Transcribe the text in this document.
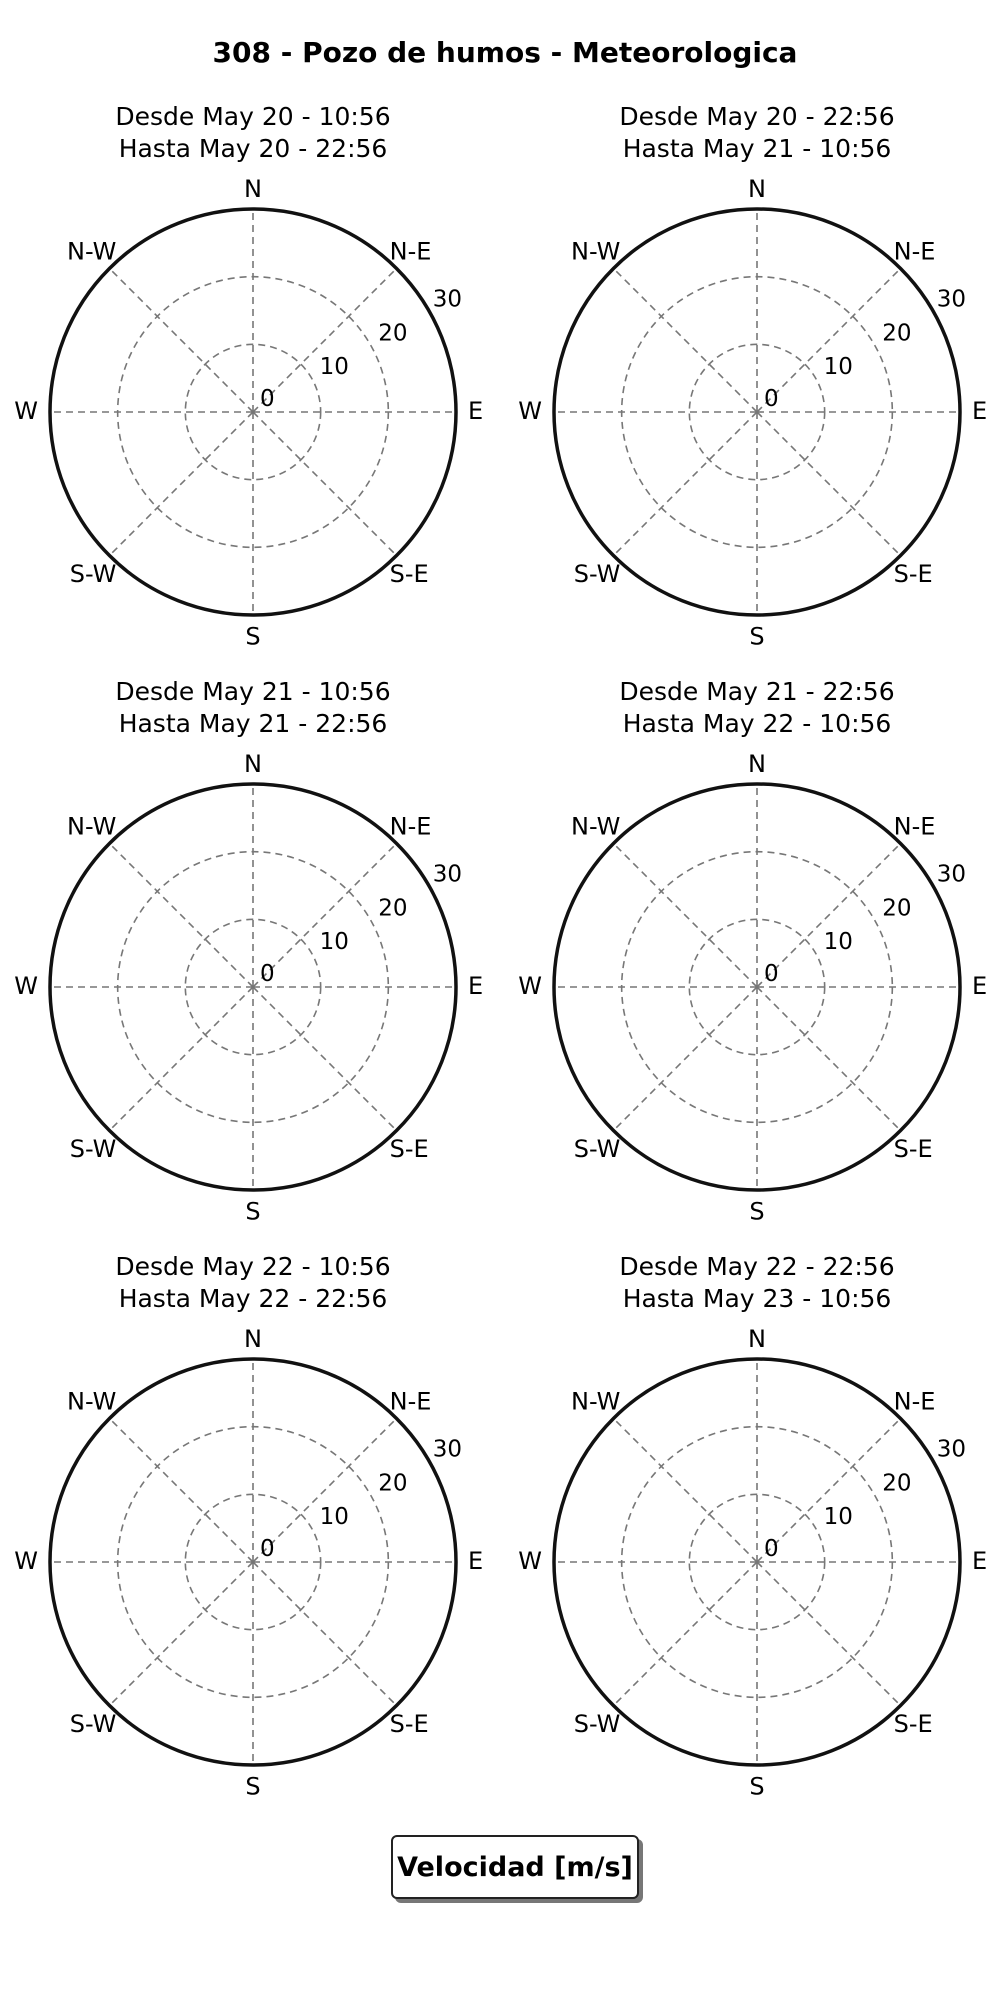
308 - Pozo de humos - Meteorologica
Desde May 20 - 10:56
Hasta May 20 - 22:56
N
N-E
E
S-E
S
S-W
W
N-W
0
10
20
30
Desde May 20 - 22:56
Hasta May 21 - 10:56
N
N-E
E
S-E
S
S-W
W
N-W
0
10
20
30
Desde May 21 - 10:56
Hasta May 21 - 22:56
N
N-E
E
S-E
S
S-W
W
N-W
0
10
20
30
Desde May 21 - 22:56
Hasta May 22 - 10:56
N
N-E
E
S-E
S
S-W
W
N-W
0
10
20
30
Desde May 22 - 10:56
Hasta May 22 - 22:56
N
N-E
E
S-E
S
S-W
W
N-W
0
10
20
30
Desde May 22 - 22:56
Hasta May 23 - 10:56
N
N-E
E
S-E
S
S-W
W
N-W
0
10
20
30
Velocidad [m/s]
